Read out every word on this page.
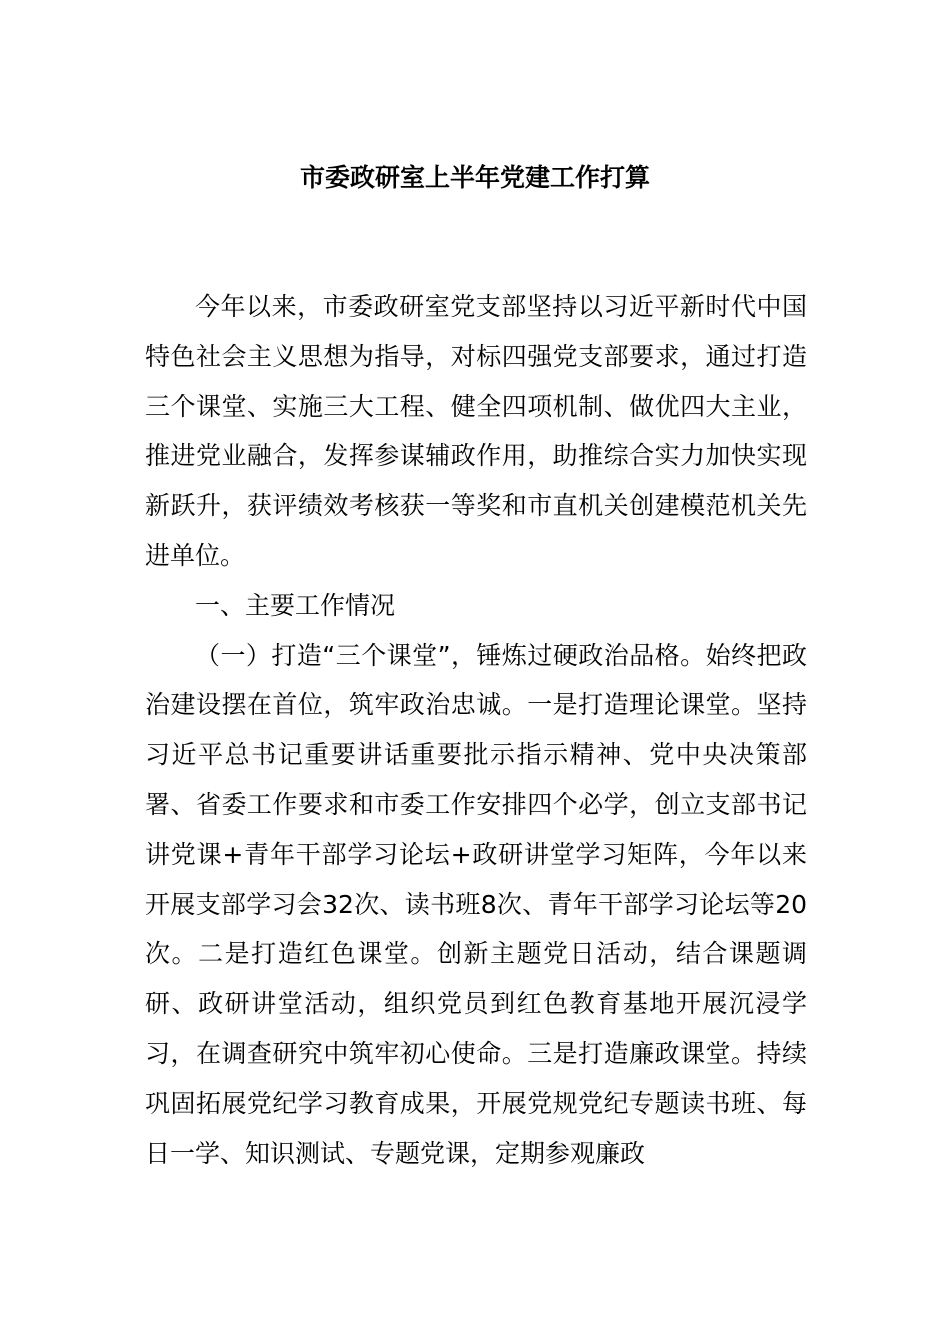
市委政研室上半年党建工作打算

今年以来，市委政研室党支部坚持以习近平新时代中国特色社会主义思想为指导，对标四强党支部要求，通过打造三个课堂、实施三大工程、健全四项机制、做优四大主业，推进党业融合，发挥参谋辅政作用，助推综合实力加快实现新跃升，获评绩效考核获一等奖和市直机关创建模范机关先进单位。

一、主要工作情况

（一）打造“三个课堂”，锤炼过硬政治品格。始终把政治建设摆在首位，筑牢政治忠诚。一是打造理论课堂。坚持习近平总书记重要讲话重要批示指示精神、党中央决策部署、省委工作要求和市委工作安排四个必学，创立支部书记讲党课+青年干部学习论坛+政研讲堂学习矩阵，今年以来开展支部学习会32次、读书班8次、青年干部学习论坛等20次。二是打造红色课堂。创新主题党日活动，结合课题调研、政研讲堂活动，组织党员到红色教育基地开展沉浸学习，在调查研究中筑牢初心使命。三是打造廉政课堂。持续巩固拓展党纪学习教育成果，开展党规党纪专题读书班、每日一学、知识测试、专题党课，定期参观廉政
